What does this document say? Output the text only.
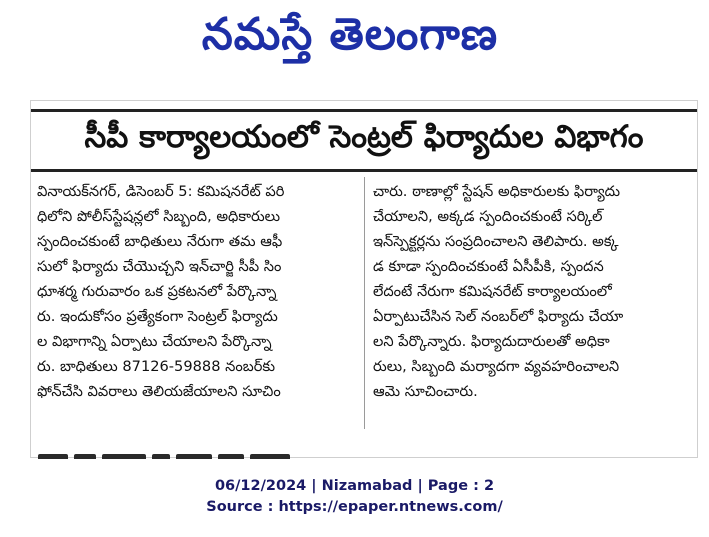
నమస్తే తెలంగాణ
సీపీ కార్యాలయంలో సెంట్రల్ ఫిర్యాదుల విభాగం
వినాయక్‌నగర్, డిసెంబర్ 5: కమిషనరేట్ పరి
ధిలోని పోలీస్‌స్టేషన్లలో సిబ్బంది, అధికారులు
స్పందించకుంటే బాధితులు నేరుగా తమ ఆఫీ
సులో ఫిర్యాదు చేయొచ్చని ఇన్‌చార్జి సీపీ సిం
ధూశర్మ గురువారం ఒక ప్రకటనలో పేర్కొన్నా
రు. ఇందుకోసం ప్రత్యేకంగా సెంట్రల్ ఫిర్యాదు
ల విభాగాన్ని ఏర్పాటు చేయాలని పేర్కొన్నా
రు. బాధితులు 87126-59888 నంబర్‌కు
ఫోన్‌చేసి వివరాలు తెలియజేయాలని సూచిం
చారు. ఠాణాల్లో స్టేషన్ అధికారులకు ఫిర్యాదు
చేయాలని, అక్కడ స్పందించకుంటే సర్కిల్
ఇన్‌స్పెక్టర్లను సంప్రదించాలని తెలిపారు. అక్క
డ కూడా స్పందించకుంటే ఏసీపీకి, స్పందన
లేదంటే నేరుగా కమిషనరేట్ కార్యాలయంలో
ఏర్పాటుచేసిన సెల్ నంబర్‌లో ఫిర్యాదు చేయా
లని పేర్కొన్నారు. ఫిర్యాదుదారులతో అధికా
రులు, సిబ్బంది మర్యాదగా వ్యవహరించాలని
ఆమె సూచించారు.
06/12/2024 | Nizamabad | Page : 2
Source : https://epaper.ntnews.com/
